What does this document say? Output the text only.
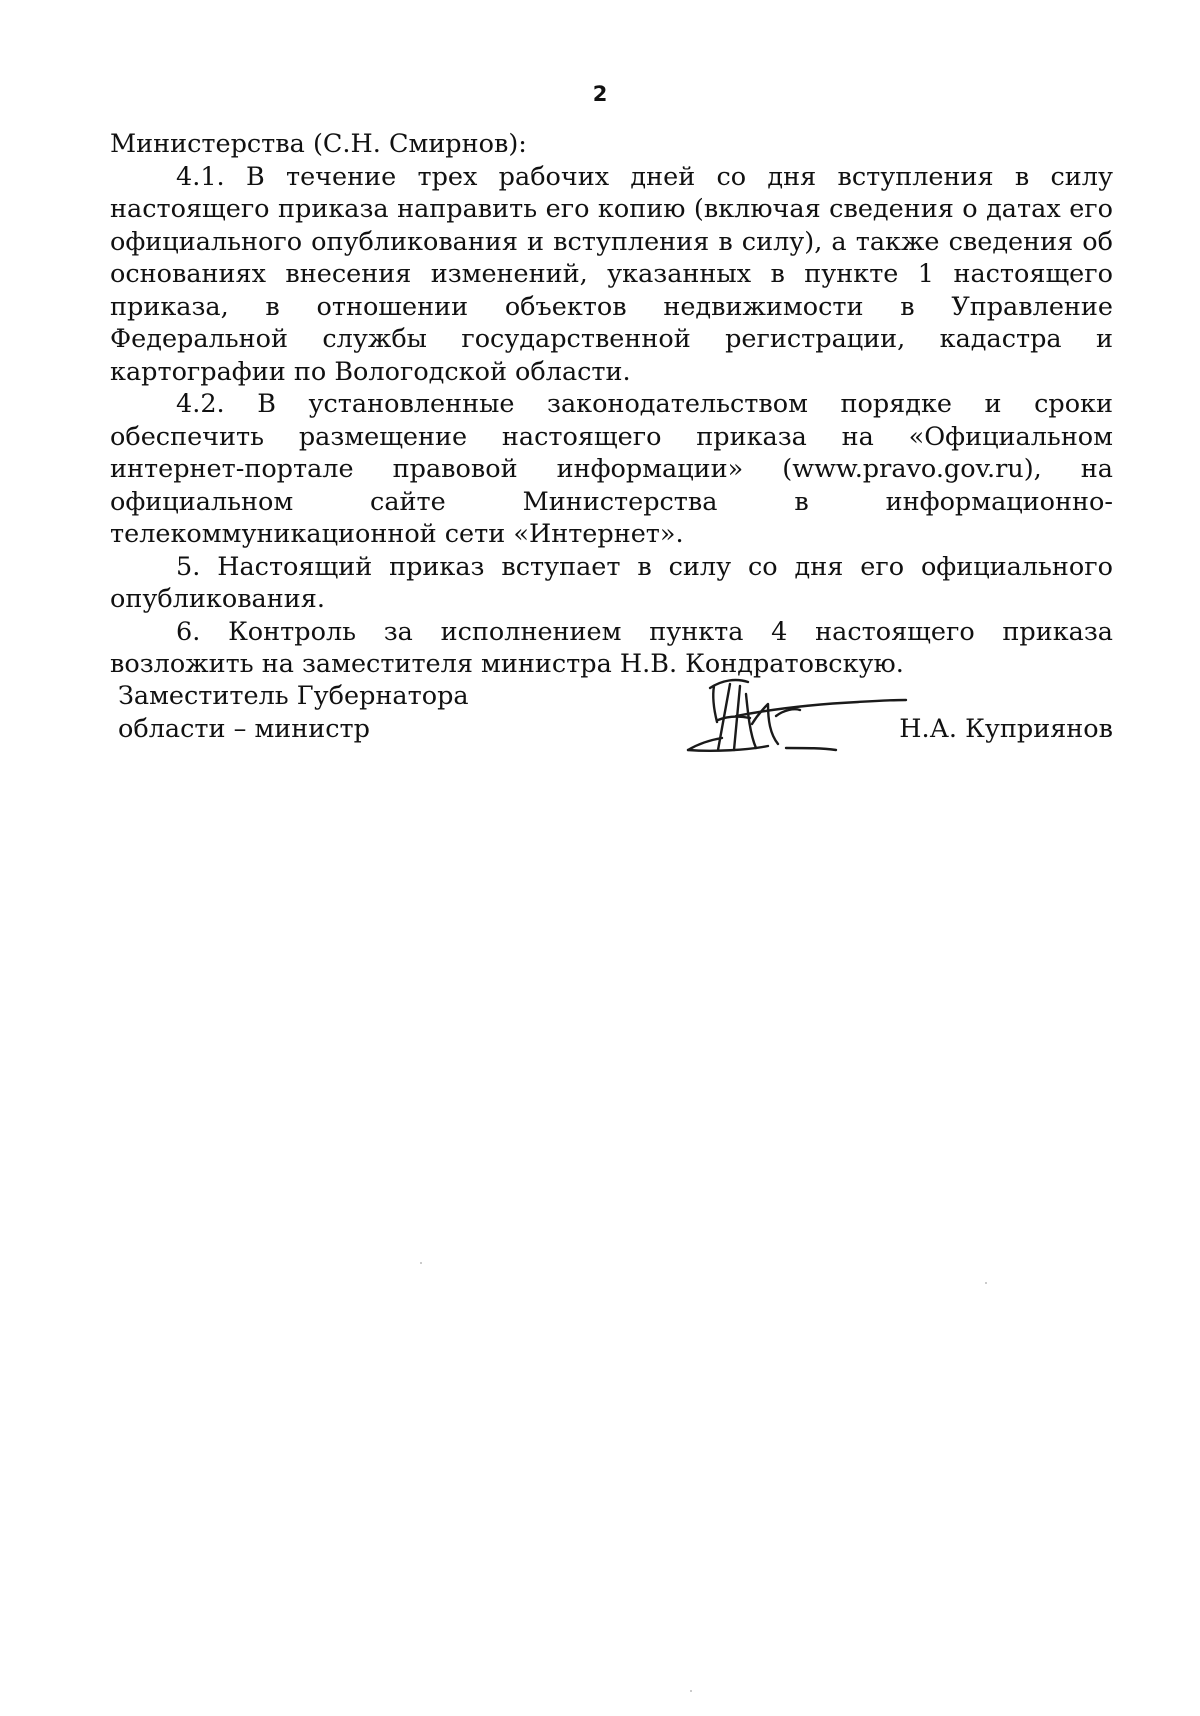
2

Министерства (С.Н. Смирнов):

4.1. В течение трех рабочих дней со дня вступления в силу настоящего приказа направить его копию (включая сведения о датах его официального опубликования и вступления в силу), а также сведения об основаниях внесения изменений, указанных в пункте 1 настоящего приказа, в отношении объектов недвижимости в Управление Федеральной службы государственной регистрации, кадастра и картографии по Вологодской области.

4.2. В установленные законодательством порядке и сроки обеспечить размещение настоящего приказа на «Официальном интернет-портале правовой информации» (www.pravo.gov.ru), на официальном сайте Министерства в информационно-телекоммуникационной сети «Интернет».

5. Настоящий приказ вступает в силу со дня его официального опубликования.

6. Контроль за исполнением пункта 4 настоящего приказа возложить на заместителя министра Н.В. Кондратовскую.

Заместитель Губернатора
области – министр	Н.А. Куприянов
